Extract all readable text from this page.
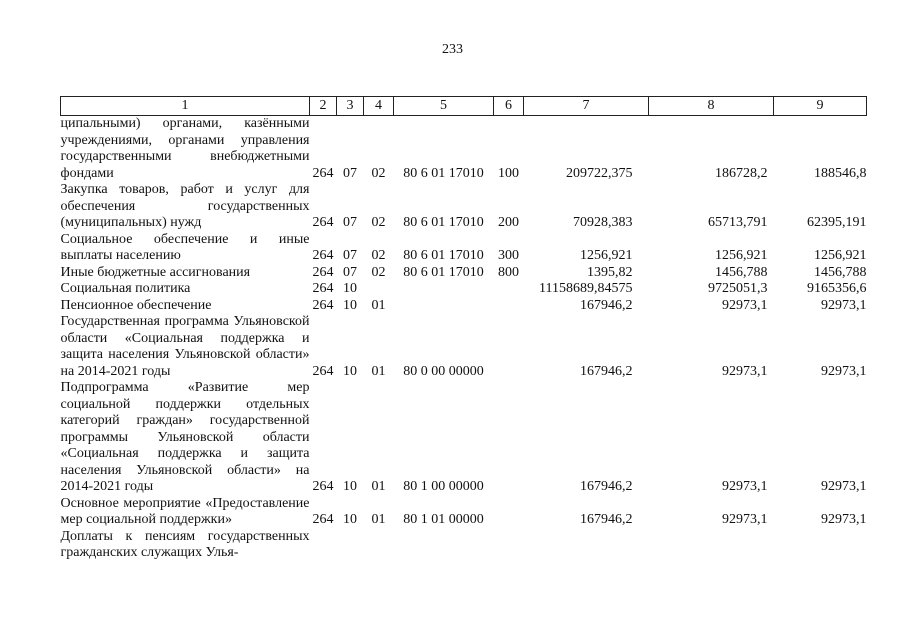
233
1	2	3	4	5	6	7	8	9
ципальными) органами, казёнными учреждениями, органами управления государственными внебюджетными фондами	264	07	02	80 6 01 17010	100	209722,375	186728,2	188546,8
Закупка товаров, работ и услуг для обеспечения государственных (муниципальных) нужд	264	07	02	80 6 01 17010	200	70928,383	65713,791	62395,191
Социальное обеспечение и иные выплаты населению	264	07	02	80 6 01 17010	300	1256,921	1256,921	1256,921
Иные бюджетные ассигнования	264	07	02	80 6 01 17010	800	1395,82	1456,788	1456,788
Социальная политика	264	10				11158689,84575	9725051,3	9165356,6
Пенсионное обеспечение	264	10	01			167946,2	92973,1	92973,1
Государственная программа Ульяновской области «Социальная поддержка и защита населения Ульяновской области» на 2014-2021 годы	264	10	01	80 0 00 00000		167946,2	92973,1	92973,1
Подпрограмма «Развитие мер социальной поддержки отдельных категорий граждан» государственной программы Ульяновской области «Социальная поддержка и защита населения Ульяновской области» на 2014-2021 годы	264	10	01	80 1 00 00000		167946,2	92973,1	92973,1
Основное мероприятие «Предоставление мер социальной поддержки»	264	10	01	80 1 01 00000		167946,2	92973,1	92973,1
Доплаты к пенсиям государственных гражданских служащих Улья-								
